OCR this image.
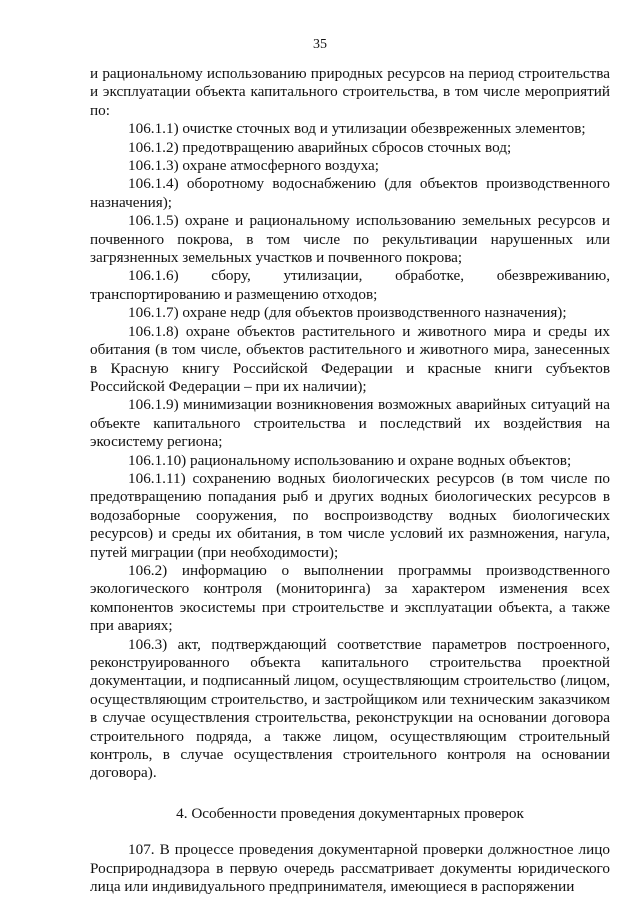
35

и рациональному использованию природных ресурсов на период строительства и эксплуатации объекта капитального строительства, в том числе мероприятий по:

106.1.1) очистке сточных вод и утилизации обезвреженных элементов;

106.1.2) предотвращению аварийных сбросов сточных вод;

106.1.3) охране атмосферного воздуха;

106.1.4) оборотному водоснабжению (для объектов производственного назначения);

106.1.5) охране и рациональному использованию земельных ресурсов и почвенного покрова, в том числе по рекультивации нарушенных или загрязненных земельных участков и почвенного покрова;

106.1.6) сбору, утилизации, обработке, обезвреживанию, транспортированию и размещению отходов;

106.1.7) охране недр (для объектов производственного назначения);

106.1.8) охране объектов растительного и животного мира и среды их обитания (в том числе, объектов растительного и животного мира, занесенных в Красную книгу Российской Федерации и красные книги субъектов Российской Федерации – при их наличии);

106.1.9) минимизации возникновения возможных аварийных ситуаций на объекте капитального строительства и последствий их воздействия на экосистему региона;

106.1.10) рациональному использованию и охране водных объектов;

106.1.11) сохранению водных биологических ресурсов (в том числе по предотвращению попадания рыб и других водных биологических ресурсов в водозаборные сооружения, по воспроизводству водных биологических ресурсов) и среды их обитания, в том числе условий их размножения, нагула, путей миграции (при необходимости);

106.2) информацию о выполнении программы производственного экологического контроля (мониторинга) за характером изменения всех компонентов экосистемы при строительстве и эксплуатации объекта, а также при авариях;

106.3) акт, подтверждающий соответствие параметров построенного, реконструированного объекта капитального строительства проектной документации, и подписанный лицом, осуществляющим строительство (лицом, осуществляющим строительство, и застройщиком или техническим заказчиком в случае осуществления строительства, реконструкции на основании договора строительного подряда, а также лицом, осуществляющим строительный контроль, в случае осуществления строительного контроля на основании договора).

4. Особенности проведения документарных проверок

107. В процессе проведения документарной проверки должностное лицо Росприроднадзора в первую очередь рассматривает документы юридического лица или индивидуального предпринимателя, имеющиеся в распоряжении
